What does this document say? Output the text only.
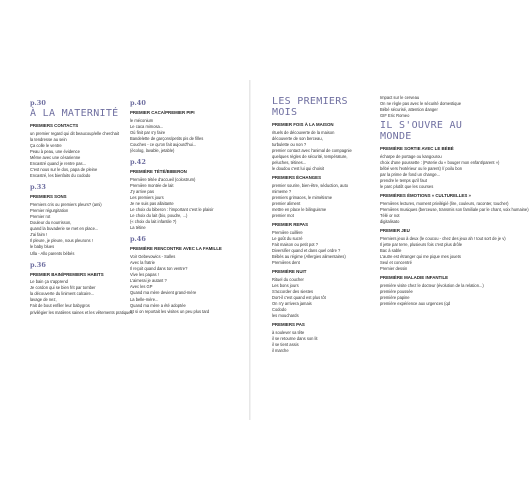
p.30
À LA MATERNITÉ
PREMIERS CONTACTS
un premier regard qui dit beaucoup/elle cherchait
la tendresse au sein
Ça colle le ventre
Peau à peau, une évidence
Même avec une césarienne
Encastré quand je rentre pas...
C'est nous sur le dos, papa de pleine
Encastré, les bienfaits du cododo
p.33
PREMIERS SONS
Premiers cris ou premiers pleurs? (ami)
Premier régurgitation
Premier rot
Douleur du nourrisson,
quand la buvaderie se met en place...
J'ai faim !
Il pleure, je pleure, nous pleurons !
le baby blues
Ulla - Allo parents bébés
p.36
PREMIER BAIN/PREMIERS HABITS
Le bain ça s'apprend
Je cordon qui se bien frit par tomber
la découverte du liniment calcaire...
lavage de nez,
Fait de bout enfiler leur babygros
privilégier les matières saines et les vêtements pratiques
p.40
PREMIER CACA/PREMIER PIPI
le méconium
Le caca mimosa...
Où finit par s'y faire
Bandelette de garçons/petits pis de filles
Couches - ce qu'on fait aujourd'hui...
(écolog, lavable, jetable)
p.42
PREMIÈRE TÉTÉ/BIBERON
Première tétée d'accueil (colostrum)
Première montée de lait
J'y arrive pas
Les premiers jours
Je ne suis pas allaitante
Le choix du biberon : l'important c'est le plaisir
Le choix du lait (bio, poudre, ...)
(« choix du lait infantile ?)
La tétine
p.46
PREMIÈRE RENCONTRE AVEC LA FAMILLE
Voir Gebevowics - Salles
Avec la fratrie
Il reçoit quand dans ton ventre?
Vive les papas !
L'aimerai je autant ?
Avec les GP
Quand ma mère devient grand-mère
La belle-mère...
Quand ma mère a été adoptée
Et si on reportait les visites un peu plus tard
LES PREMIERS MOIS
PREMIER FOIS À LA MAISON
rituels de découverte de la maison
découverte de son berceau,
turbulette ou non ?
premier contact avec l'animal de compagnie
quelques règles de sécurité, température,
peluches, tétines...
le doudou c'est lui qui choisit
PREMIERS ÉCHANGES
premier sourire, bien-être, séduction, auto
mimeme ?
premiers grimaces, le mimétisme
premier aliment
mettre en place le bilinguisme
premier mot
PREMIER REPAS
Première cuillère
Le goût du sucré
Fait maison ou petit pot ?
Diversifier quand et dans quel ordre ?
Bébés au régime (Allergies alimentaires)
Premières dent
PREMIÈRE NUIT
Rituel du coucher
Les bons jours
S'accorder des siestes
Dort-il c'est quand est plus tôt
On n'y arrivera jamais
Cododo
les mouchards
PREMIERS PAS
à soulever sa tête
il se retourne dans son lit
il se tient assis
il marche
Impact sur le cerveau
On ne règle pas avec le sécurité domestique
Bébé sécurisé, attention danger
GIF Eric Romeo
IL S'OUVRE AU MONDE
PREMIÈRE SORTIE AVEC LE BÉBÉ
écharpe de portage ou kangourou
choix d'une poussette : (Poterie du « bouger mon enfant/parent »)
bébé vers l'extérieur ou le parent) // poilu bon
par la prime de fond un change...
prendre le temps qu'il faut
le parc plutôt que les courses
PREMIÈRES ÉMOTIONS « CULTURELLES »
Premières lectures, moment privilégié (lire, couleurs, raconter, toucher)
Premières musiques (berceuse, transmis son familiale par le chant, voix humaine)
Télé or not
digitalisato
PREMIER JEU
Premiers jeux à deux (le coucou - chez des jeux ah ! tout sort de je v)
Il jette par terre, plusieurs fois c'est plus drôle
Bac à sable
L'autre est étranger qui me pique mes jouets
Seul et concentré
Premier dessin
PREMIÈRE MALADIE INFANTILE
première visite chez le docteur (évolution de la relation...)
première poussée
première papine
première expérience aux urgences (qd
